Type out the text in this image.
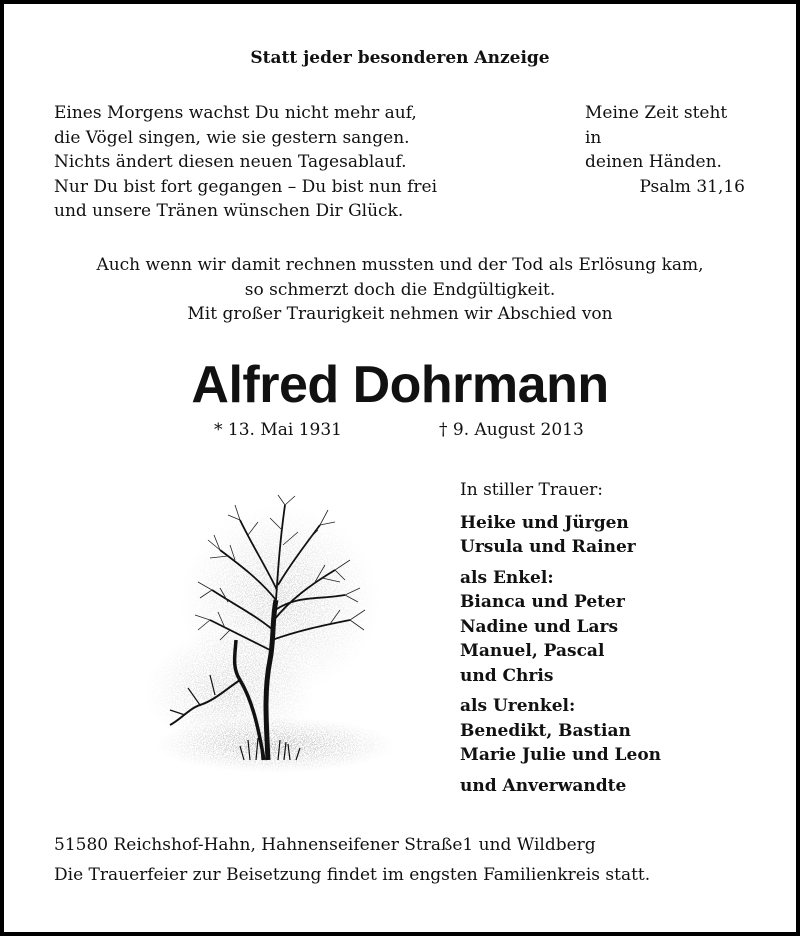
Statt jeder besonderen Anzeige

Eines Morgens wachst Du nicht mehr auf,
die Vögel singen, wie sie gestern sangen.
Nichts ändert diesen neuen Tagesablauf.
Nur Du bist fort gegangen – Du bist nun frei
und unsere Tränen wünschen Dir Glück.
Meine Zeit steht in
deinen Händen.
Psalm 31,16
Auch wenn wir damit rechnen mussten und der Tod als Erlösung kam,
so schmerzt doch die Endgültigkeit.
Mit großer Traurigkeit nehmen wir Abschied von
Alfred Dohrmann
* 13. Mai 1931	† 9. August 2013
In stiller Trauer:
Heike und Jürgen
Ursula und Rainer
als Enkel:
Bianca und Peter
Nadine und Lars
Manuel, Pascal
und Chris
als Urenkel:
Benedikt, Bastian
Marie Julie und Leon
und Anverwandte
51580 Reichshof-Hahn, Hahnenseifener Straße1 und Wildberg
Die Trauerfeier zur Beisetzung findet im engsten Familienkreis statt.
